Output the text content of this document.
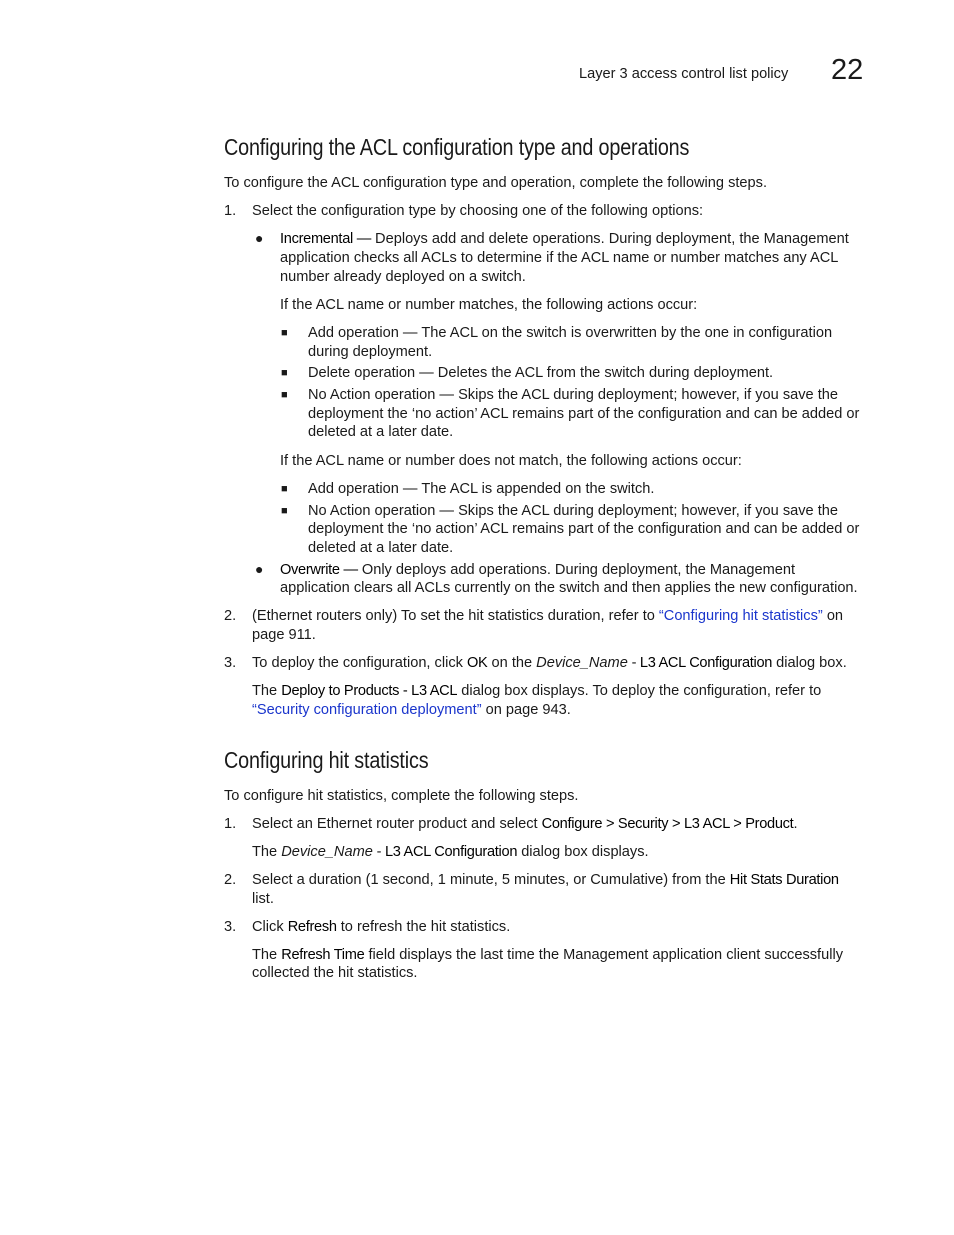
Layer 3 access control list policy 22
Configuring the ACL configuration type and operations
To configure the ACL configuration type and operation, complete the following steps.
1. Select the configuration type by choosing one of the following options:
● Incremental — Deploys add and delete operations. During deployment, the Management
application checks all ACLs to determine if the ACL name or number matches any ACL
number already deployed on a switch.
If the ACL name or number matches, the following actions occur:
■ Add operation — The ACL on the switch is overwritten by the one in configuration
during deployment.
■ Delete operation — Deletes the ACL from the switch during deployment.
■ No Action operation — Skips the ACL during deployment; however, if you save the
deployment the ‘no action’ ACL remains part of the configuration and can be added or
deleted at a later date.
If the ACL name or number does not match, the following actions occur:
■ Add operation — The ACL is appended on the switch.
■ No Action operation — Skips the ACL during deployment; however, if you save the
deployment the ‘no action’ ACL remains part of the configuration and can be added or
deleted at a later date.
● Overwrite — Only deploys add operations. During deployment, the Management
application clears all ACLs currently on the switch and then applies the new configuration.
2. (Ethernet routers only) To set the hit statistics duration, refer to “Configuring hit statistics” on
page 911.
3. To deploy the configuration, click OK on the Device_Name - L3 ACL Configuration dialog box.
The Deploy to Products - L3 ACL dialog box displays. To deploy the configuration, refer to
“Security configuration deployment” on page 943.
Configuring hit statistics
To configure hit statistics, complete the following steps.
1. Select an Ethernet router product and select Configure > Security > L3 ACL > Product.
The Device_Name - L3 ACL Configuration dialog box displays.
2. Select a duration (1 second, 1 minute, 5 minutes, or Cumulative) from the Hit Stats Duration
list.
3. Click Refresh to refresh the hit statistics.
The Refresh Time field displays the last time the Management application client successfully
collected the hit statistics.
